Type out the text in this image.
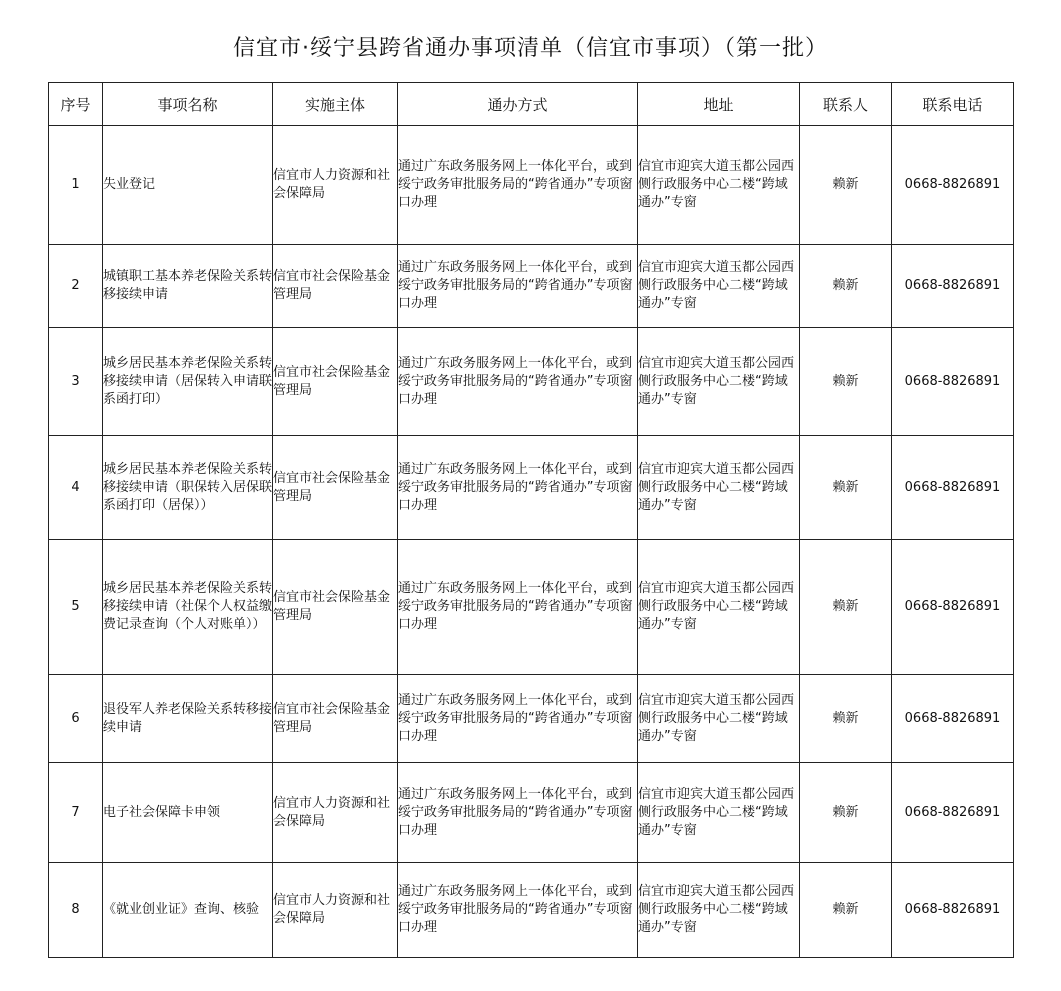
信宜市·绥宁县跨省通办事项清单（信宜市事项）（第一批）
序号	事项名称	实施主体	通办方式	地址	联系人	联系电话
1	失业登记	信宜市人力资源和社会保障局	通过广东政务服务网上一体化平台，或到绥宁政务审批服务局的“跨省通办”专项窗口办理	信宜市迎宾大道玉都公园西侧行政服务中心二楼“跨域通办”专窗	赖新	0668-8826891
2	城镇职工基本养老保险关系转移接续申请	信宜市社会保险基金管理局	通过广东政务服务网上一体化平台，或到绥宁政务审批服务局的“跨省通办”专项窗口办理	信宜市迎宾大道玉都公园西侧行政服务中心二楼“跨域通办”专窗	赖新	0668-8826891
3	城乡居民基本养老保险关系转移接续申请（居保转入申请联系函打印）	信宜市社会保险基金管理局	通过广东政务服务网上一体化平台，或到绥宁政务审批服务局的“跨省通办”专项窗口办理	信宜市迎宾大道玉都公园西侧行政服务中心二楼“跨域通办”专窗	赖新	0668-8826891
4	城乡居民基本养老保险关系转移接续申请（职保转入居保联系函打印（居保））	信宜市社会保险基金管理局	通过广东政务服务网上一体化平台，或到绥宁政务审批服务局的“跨省通办”专项窗口办理	信宜市迎宾大道玉都公园西侧行政服务中心二楼“跨域通办”专窗	赖新	0668-8826891
5	城乡居民基本养老保险关系转移接续申请（社保个人权益缴费记录查询（个人对账单））	信宜市社会保险基金管理局	通过广东政务服务网上一体化平台，或到绥宁政务审批服务局的“跨省通办”专项窗口办理	信宜市迎宾大道玉都公园西侧行政服务中心二楼“跨域通办”专窗	赖新	0668-8826891
6	退役军人养老保险关系转移接续申请	信宜市社会保险基金管理局	通过广东政务服务网上一体化平台，或到绥宁政务审批服务局的“跨省通办”专项窗口办理	信宜市迎宾大道玉都公园西侧行政服务中心二楼“跨域通办”专窗	赖新	0668-8826891
7	电子社会保障卡申领	信宜市人力资源和社会保障局	通过广东政务服务网上一体化平台，或到绥宁政务审批服务局的“跨省通办”专项窗口办理	信宜市迎宾大道玉都公园西侧行政服务中心二楼“跨域通办”专窗	赖新	0668-8826891
8	《就业创业证》查询、核验	信宜市人力资源和社会保障局	通过广东政务服务网上一体化平台，或到绥宁政务审批服务局的“跨省通办”专项窗口办理	信宜市迎宾大道玉都公园西侧行政服务中心二楼“跨域通办”专窗	赖新	0668-8826891
